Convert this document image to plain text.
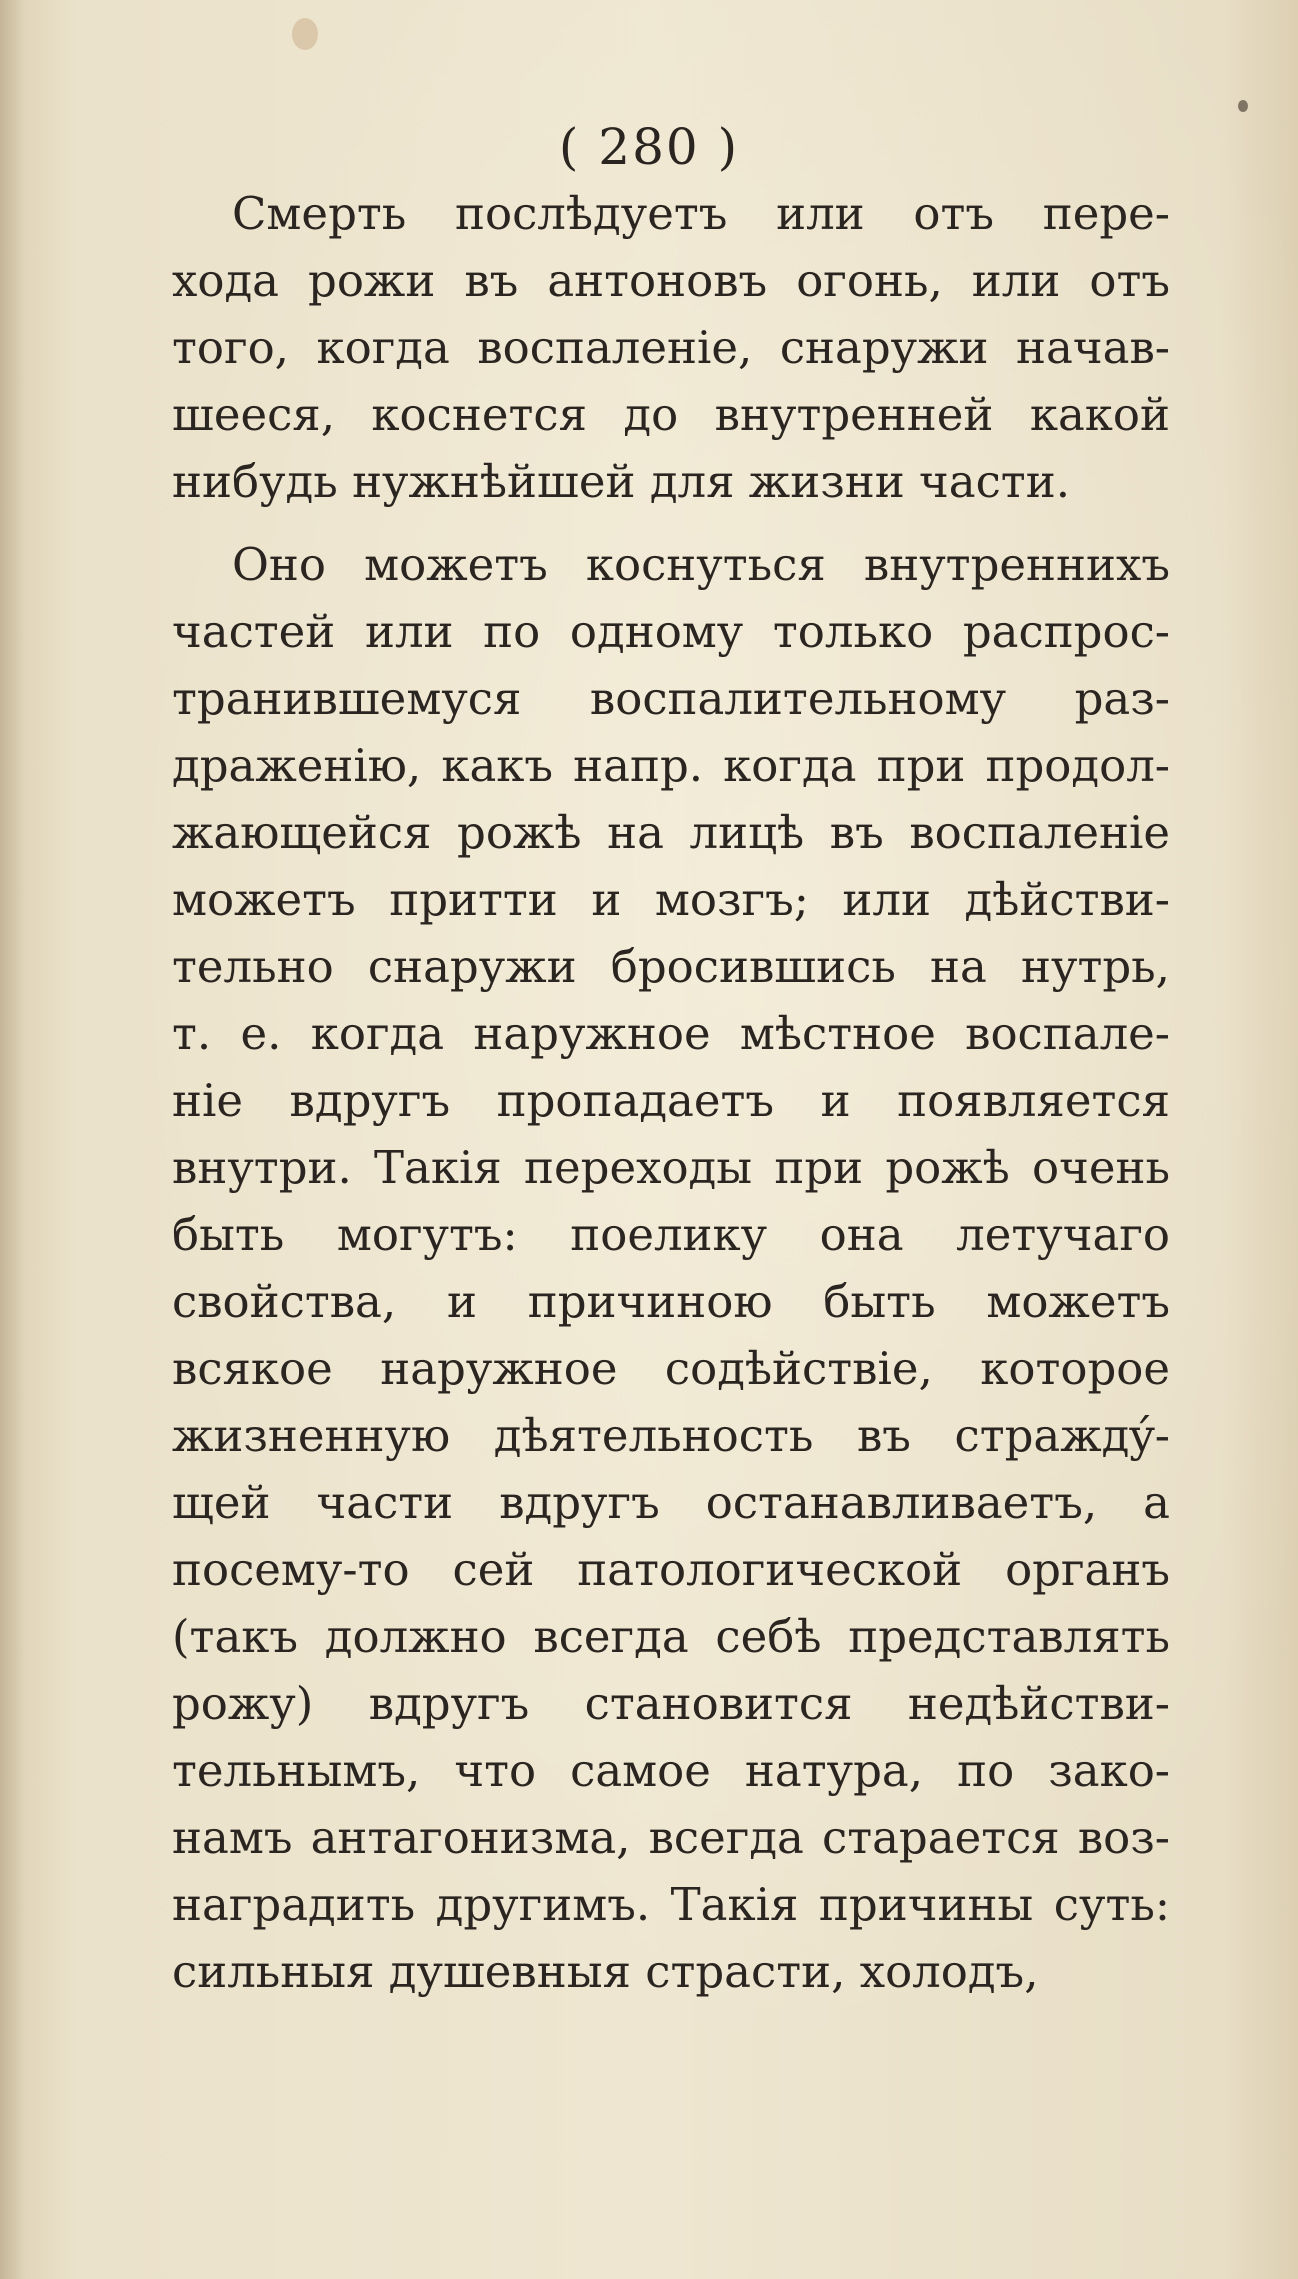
( 280 )
Смерть послѣдуетъ или отъ пере-
хода рожи въ антоновъ огонь, или отъ
того, когда воспаленіе, снаружи начав-
шееся, коснется до внутренней какой
нибудь нужнѣйшей для жизни части.
Оно можетъ коснуться внутреннихъ
частей или по одному только распрос-
транившемуся воспалительному раз-
драженію, какъ напр. когда при продол-
жающейся рожѣ на лицѣ въ воспаленіе
можетъ притти и мозгъ; или дѣйстви-
тельно снаружи бросившись на нутрь,
т. е. когда наружное мѣстное воспале-
ніе вдругъ пропадаетъ и появляется
внутри. Такія переходы при рожѣ очень
быть могутъ: поелику она летучаго
свойства, и причиною быть можетъ
всякое наружное содѣйствіе, которое
жизненную дѣятельность въ страждý-
щей части вдругъ останавливаетъ, а
посему-то сей патологической органъ
(такъ должно всегда себѣ представлять
рожу) вдругъ становится недѣйстви-
тельнымъ, что самое натура, по зако-
намъ антагонизма, всегда старается воз-
наградить другимъ. Такія причины суть:
сильныя душевныя страсти, холодъ,
